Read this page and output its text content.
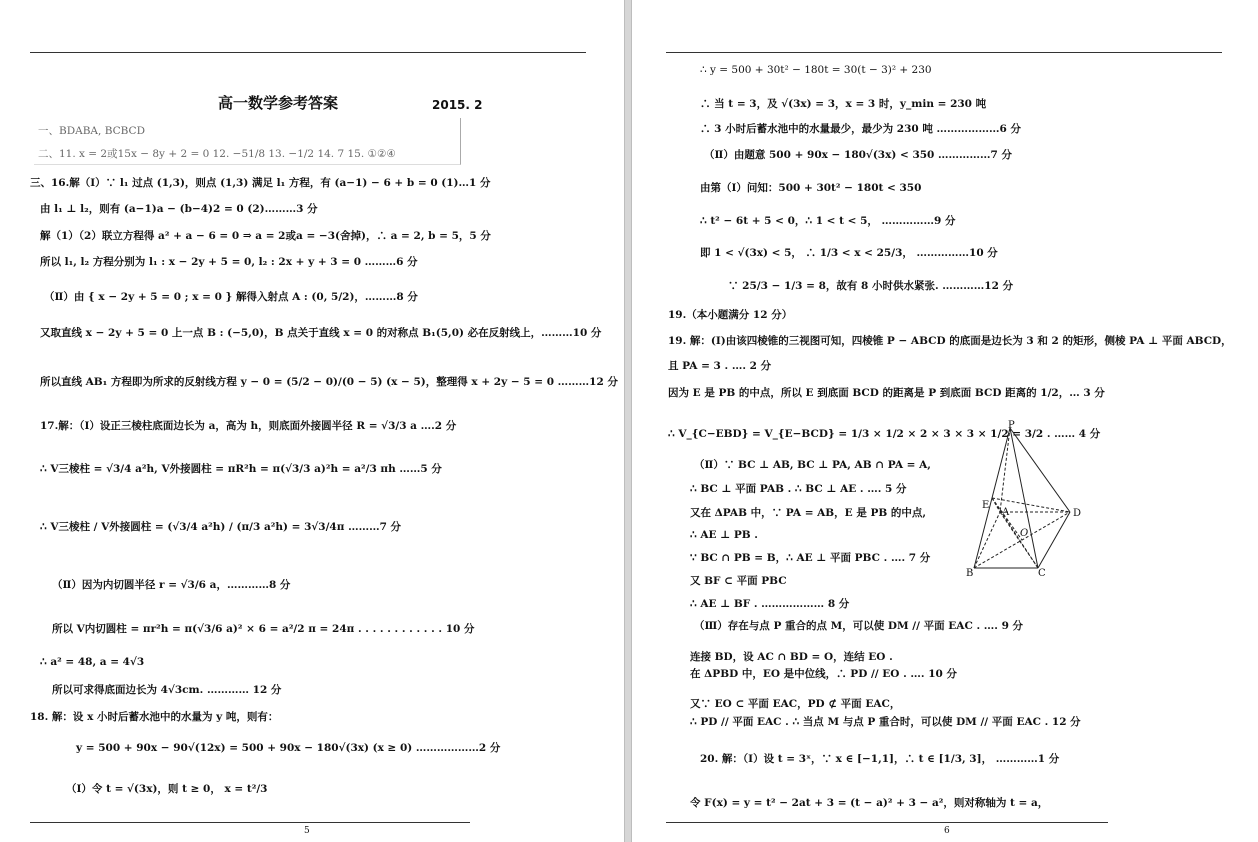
高一数学参考答案	2015. 2
一、BDABA, BCBCD
二、11. x = 2或15x − 8y + 2 = 0 12. −51/8 13. −1/2 14. 7 15. ①②④
三、16.解（Ⅰ）∵ l₁ 过点 (1,3)，则点 (1,3) 满足 l₁ 方程，有 (a−1) − 6 + b = 0 (1)…1 分
由 l₁ ⊥ l₂，则有 (a−1)a − (b−4)2 = 0 (2)………3 分
解（1）（2）联立方程得 a² + a − 6 = 0 ⇒ a = 2或a = −3(舍掉)，∴ a = 2, b = 5，5 分
所以 l₁, l₂ 方程分别为 l₁ : x − 2y + 5 = 0, l₂ : 2x + y + 3 = 0 ………6 分
（Ⅱ）由 { x − 2y + 5 = 0 ; x = 0 } 解得入射点 A : (0, 5/2)，………8 分
又取直线 x − 2y + 5 = 0 上一点 B : (−5,0)，B 点关于直线 x = 0 的对称点 B₁(5,0) 必在反射线上，………10 分
所以直线 AB₁ 方程即为所求的反射线方程 y − 0 = (5/2 − 0)/(0 − 5) (x − 5)，整理得 x + 2y − 5 = 0 ………12 分
17.解：（Ⅰ）设正三棱柱底面边长为 a，高为 h，则底面外接圆半径 R = √3/3 a ….2 分
∴ V三棱柱 = √3/4 a²h, V外接圆柱 = πR²h = π(√3/3 a)²h = a²/3 πh ……5 分
∴ V三棱柱 / V外接圆柱 = (√3/4 a²h) / (π/3 a²h) = 3√3/4π ………7 分
（Ⅱ）因为内切圆半径 r = √3/6 a，…………8 分
所以 V内切圆柱 = πr²h = π(√3/6 a)² × 6 = a²/2 π = 24π . . . . . . . . . . . . 10 分
∴ a² = 48, a = 4√3
所以可求得底面边长为 4√3cm. ………… 12 分
18. 解：设 x 小时后蓄水池中的水量为 y 吨，则有：
y = 500 + 90x − 90√(12x) = 500 + 90x − 180√(3x) (x ≥ 0) ………………2 分
（Ⅰ）令 t = √(3x)，则 t ≥ 0， x = t²/3
5
∴ y = 500 + 30t² − 180t = 30(t − 3)² + 230
∴ 当 t = 3，及 √(3x) = 3，x = 3 时，y_min = 230 吨
∴ 3 小时后蓄水池中的水量最少，最少为 230 吨 ………………6 分
（Ⅱ）由题意 500 + 90x − 180√(3x) < 350 ……………7 分
由第（Ⅰ）问知：500 + 30t² − 180t < 350
∴ t² − 6t + 5 < 0，∴ 1 < t < 5， ……………9 分
即 1 < √(3x) < 5， ∴ 1/3 < x < 25/3， ……………10 分
∵ 25/3 − 1/3 = 8，故有 8 小时供水紧张. …………12 分
19.（本小题满分 12 分）
19. 解：(Ⅰ)由该四棱锥的三视图可知，四棱锥 P − ABCD 的底面是边长为 3 和 2 的矩形，侧棱 PA ⊥ 平面 ABCD，
且 PA = 3 . …. 2 分
因为 E 是 PB 的中点，所以 E 到底面 BCD 的距离是 P 到底面 BCD 距离的 1/2，… 3 分
∴ V_{C−EBD} = V_{E−BCD} = 1/3 × 1/2 × 2 × 3 × 3 × 1/2 = 3/2 . …… 4 分
（Ⅱ）∵ BC ⊥ AB, BC ⊥ PA, AB ∩ PA = A,
∴ BC ⊥ 平面 PAB . ∴ BC ⊥ AE . …. 5 分
又在 ΔPAB 中，∵ PA = AB，E 是 PB 的中点,
∴ AE ⊥ PB .
∵ BC ∩ PB = B，∴ AE ⊥ 平面 PBC . …. 7 分
又 BF ⊂ 平面 PBC
∴ AE ⊥ BF . ……………… 8 分
（Ⅲ）存在与点 P 重合的点 M，可以使 DM // 平面 EAC . …. 9 分
连接 BD，设 AC ∩ BD = O，连结 EO .
在 ΔPBD 中，EO 是中位线，∴ PD // EO . …. 10 分
又∵ EO ⊂ 平面 EAC，PD ⊄ 平面 EAC，
∴ PD // 平面 EAC . ∴ 当点 M 与点 P 重合时，可以使 DM // 平面 EAC . 12 分
20. 解：（Ⅰ）设 t = 3ˣ，∵ x ∈ [−1,1]，∴ t ∈ [1/3, 3]， …………1 分
令 F(x) = y = t² − 2at + 3 = (t − a)² + 3 − a²，则对称轴为 t = a，
P
E
A	D
O
B	C
6
